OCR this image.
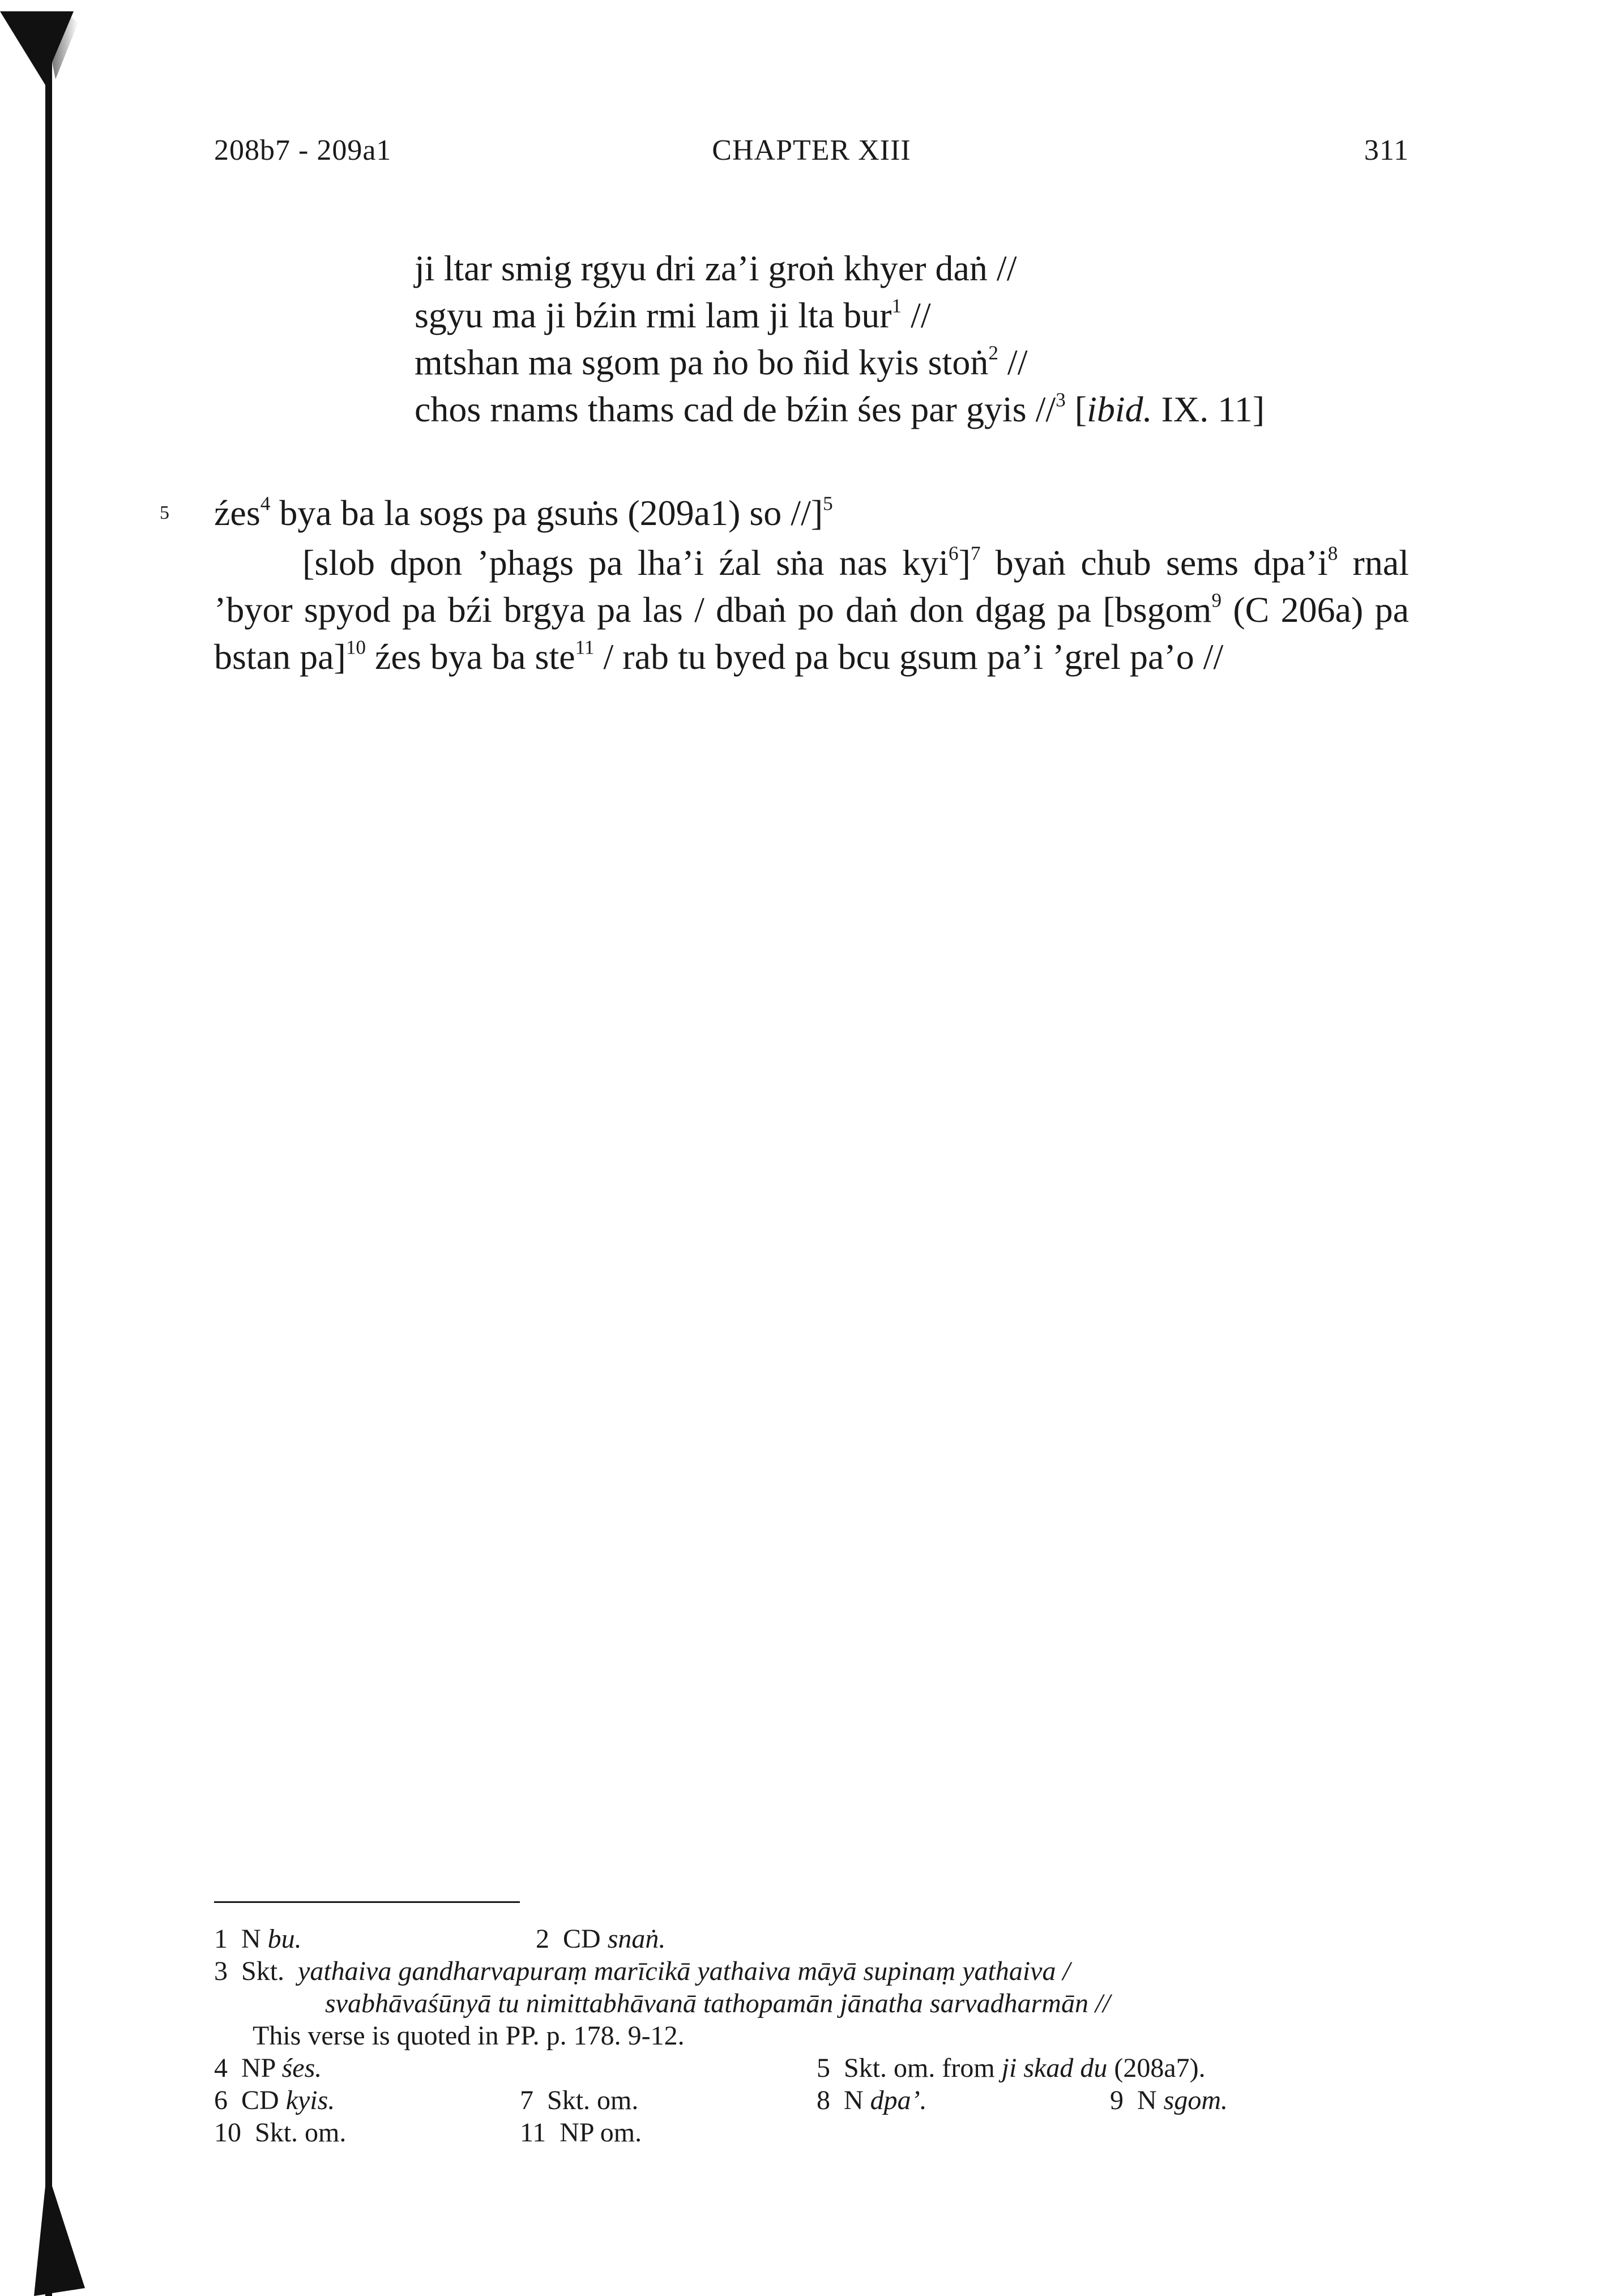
208b7 - 209a1	CHAPTER XIII	311
ji ltar smig rgyu dri za’i groṅ khyer daṅ //
sgyu ma ji bźin rmi lam ji lta bur$^1$ //
mtshan ma sgom pa ṅo bo ñid kyis stoṅ$^2$ //
chos rnams thams cad de bźin śes par gyis //$^3$ [ibid. IX. 11]
5 źes$^4$ bya ba la sogs pa gsuṅs (209a1) so //]$^5$
[slob dpon ’phags pa lha’i źal sṅa nas kyi$^6$]$^7$ byaṅ chub sems $dpa’i^8$ rnal ’byor spyod pa bźi brgya pa las / dbaṅ po daṅ don dgag pa [bsgom$^9$ (C 206a) pa bstan pa]$^{10}$ źes bya ba ste$^{11}$ / rab tu byed pa bcu gsum pa’i ’grel pa’o //
1 N bu.	2 CD snaṅ.
3 Skt. yathaiva gandharvapuraṃ marīcikā yathaiva māyā supinaṃ yathaiva /
svabhāvaśūnyā tu nimittabhāvanā tathopamān jānatha sarvadharmān //
This verse is quoted in PP. p. 178. 9-12.
4 NP śes.	5 Skt. om. from ji skad du (208a7).
6 CD kyis.	7 Skt. om.	8 N dpa’.	9 N sgom.
10 Skt. om.	11 NP om.
